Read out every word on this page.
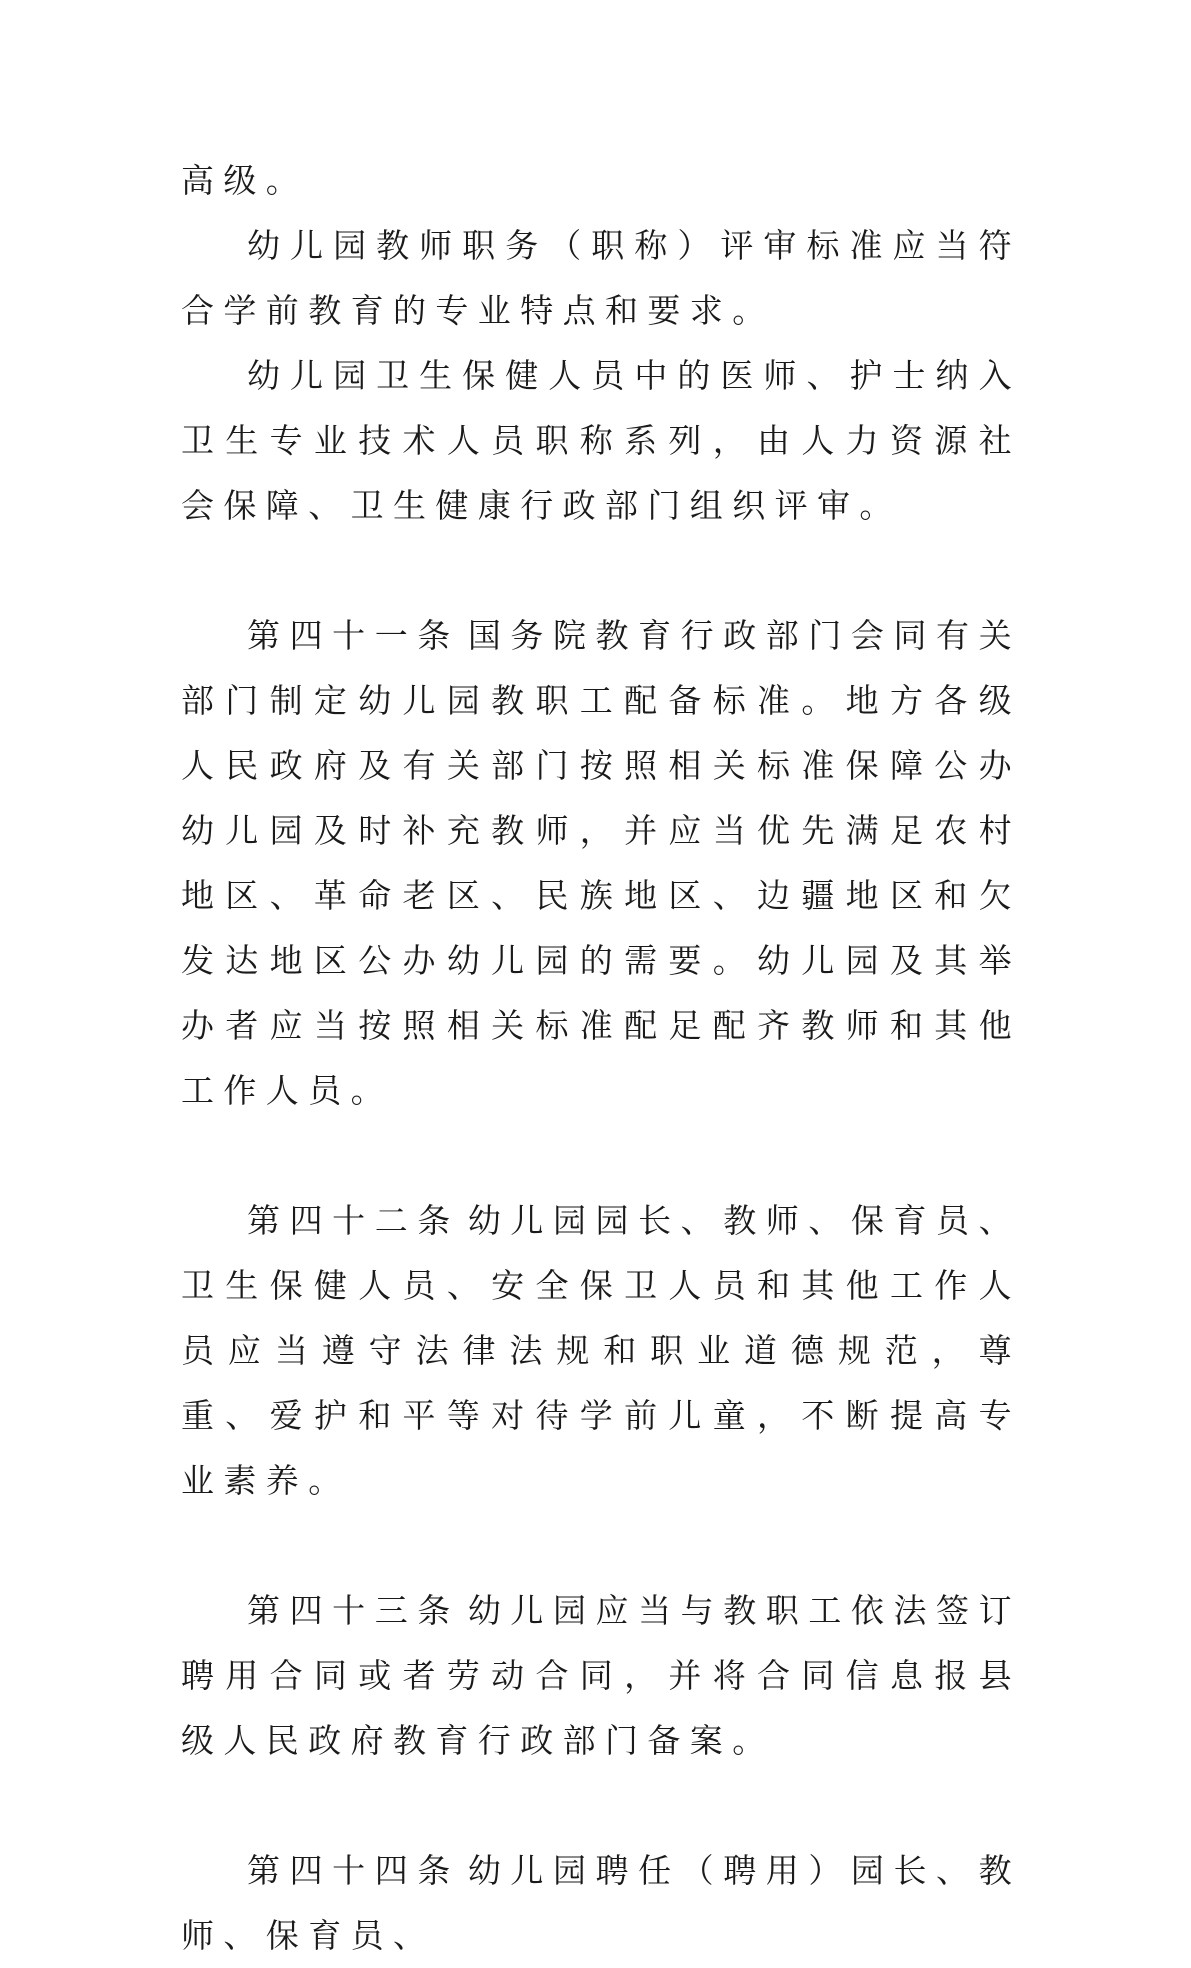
高级。

幼儿园教师职务（职称）评审标准应当符合学前教育的专业特点和要求。

幼儿园卫生保健人员中的医师、护士纳入卫生专业技术人员职称系列，由人力资源社会保障、卫生健康行政部门组织评审。

第四十一条 国务院教育行政部门会同有关部门制定幼儿园教职工配备标准。地方各级人民政府及有关部门按照相关标准保障公办幼儿园及时补充教师，并应当优先满足农村地区、革命老区、民族地区、边疆地区和欠发达地区公办幼儿园的需要。幼儿园及其举办者应当按照相关标准配足配齐教师和其他工作人员。

第四十二条 幼儿园园长、教师、保育员、卫生保健人员、安全保卫人员和其他工作人员应当遵守法律法规和职业道德规范，尊重、爱护和平等对待学前儿童，不断提高专业素养。

第四十三条 幼儿园应当与教职工依法签订聘用合同或者劳动合同，并将合同信息报县级人民政府教育行政部门备案。

第四十四条 幼儿园聘任（聘用）园长、教师、保育员、
